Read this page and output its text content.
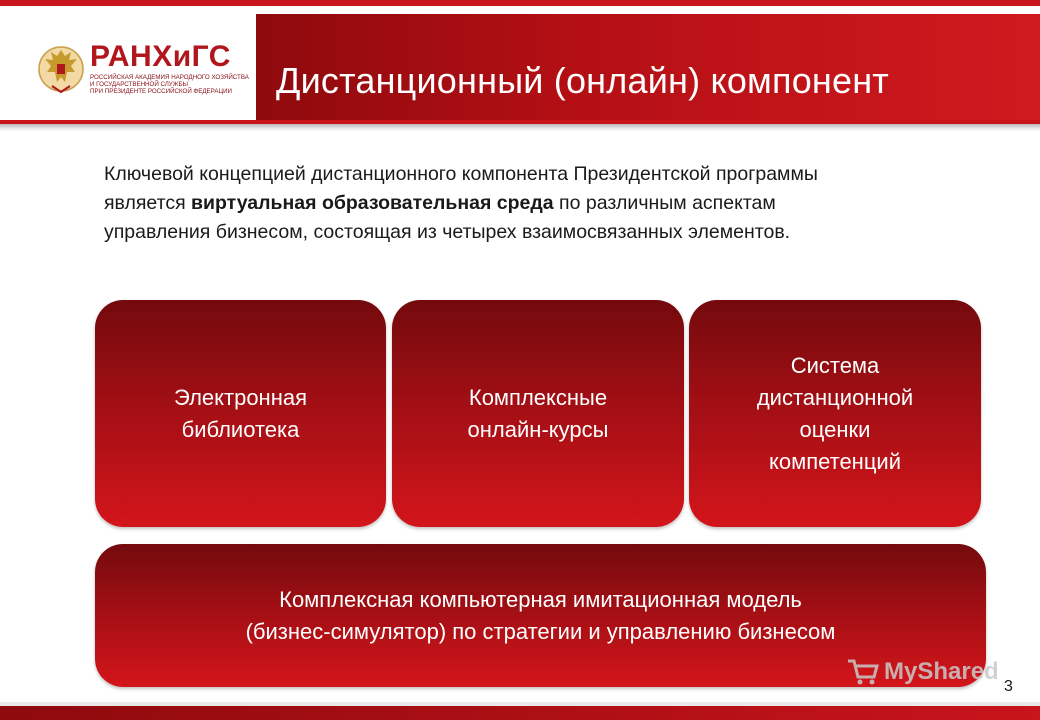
РАНХиГС
РОССИЙСКАЯ АКАДЕМИЯ НАРОДНОГО ХОЗЯЙСТВА
И ГОСУДАРСТВЕННОЙ СЛУЖБЫ
ПРИ ПРЕЗИДЕНТЕ РОССИЙСКОЙ ФЕДЕРАЦИИ	Дистанционный (онлайн) компонент

Ключевой концепцией дистанционного компонента Президентской программы является виртуальная образовательная среда по различным аспектам управления бизнесом, состоящая из четырех взаимосвязанных элементов.

Электронная
библиотека
Комплексные
онлайн-курсы
Система
дистанционной
оценки
компетенций
Комплексная компьютерная имитационная модель
(бизнес-симулятор) по стратегии и управлению бизнесом
MyShared
3
